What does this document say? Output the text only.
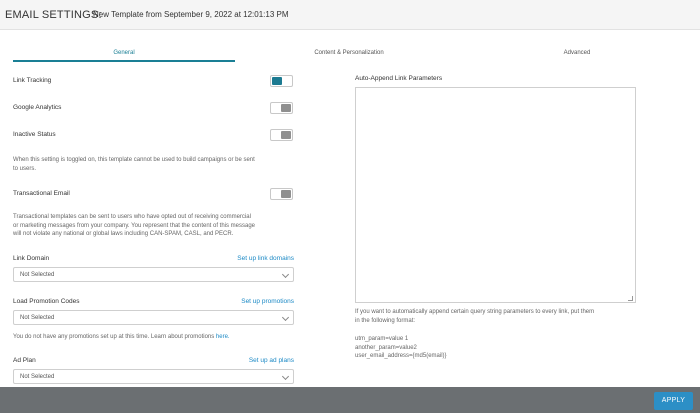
EMAIL SETTINGS:
New Template from September 9, 2022 at 12:01:13 PM
General	Content & Personalization	Advanced
Link Tracking
Google Analytics
Inactive Status
When this setting is toggled on, this template cannot be used to build campaigns or be sent
to users.
Transactional Email
Transactional templates can be sent to users who have opted out of receiving commercial
or marketing messages from your company. You represent that the content of this message
will not violate any national or global laws including CAN-SPAM, CASL, and PECR.
Link Domain	Set up link domains
Not Selected
Load Promotion Codes	Set up promotions
Not Selected
You do not have any promotions set up at this time. Learn about promotions here.
Ad Plan	Set up ad plans
Not Selected
Auto-Append Link Parameters
If you want to automatically append certain query string parameters to every link, put them
in the following format:
utm_param=value 1
another_param=value2
user_email_address={md5(email)}
APPLY
